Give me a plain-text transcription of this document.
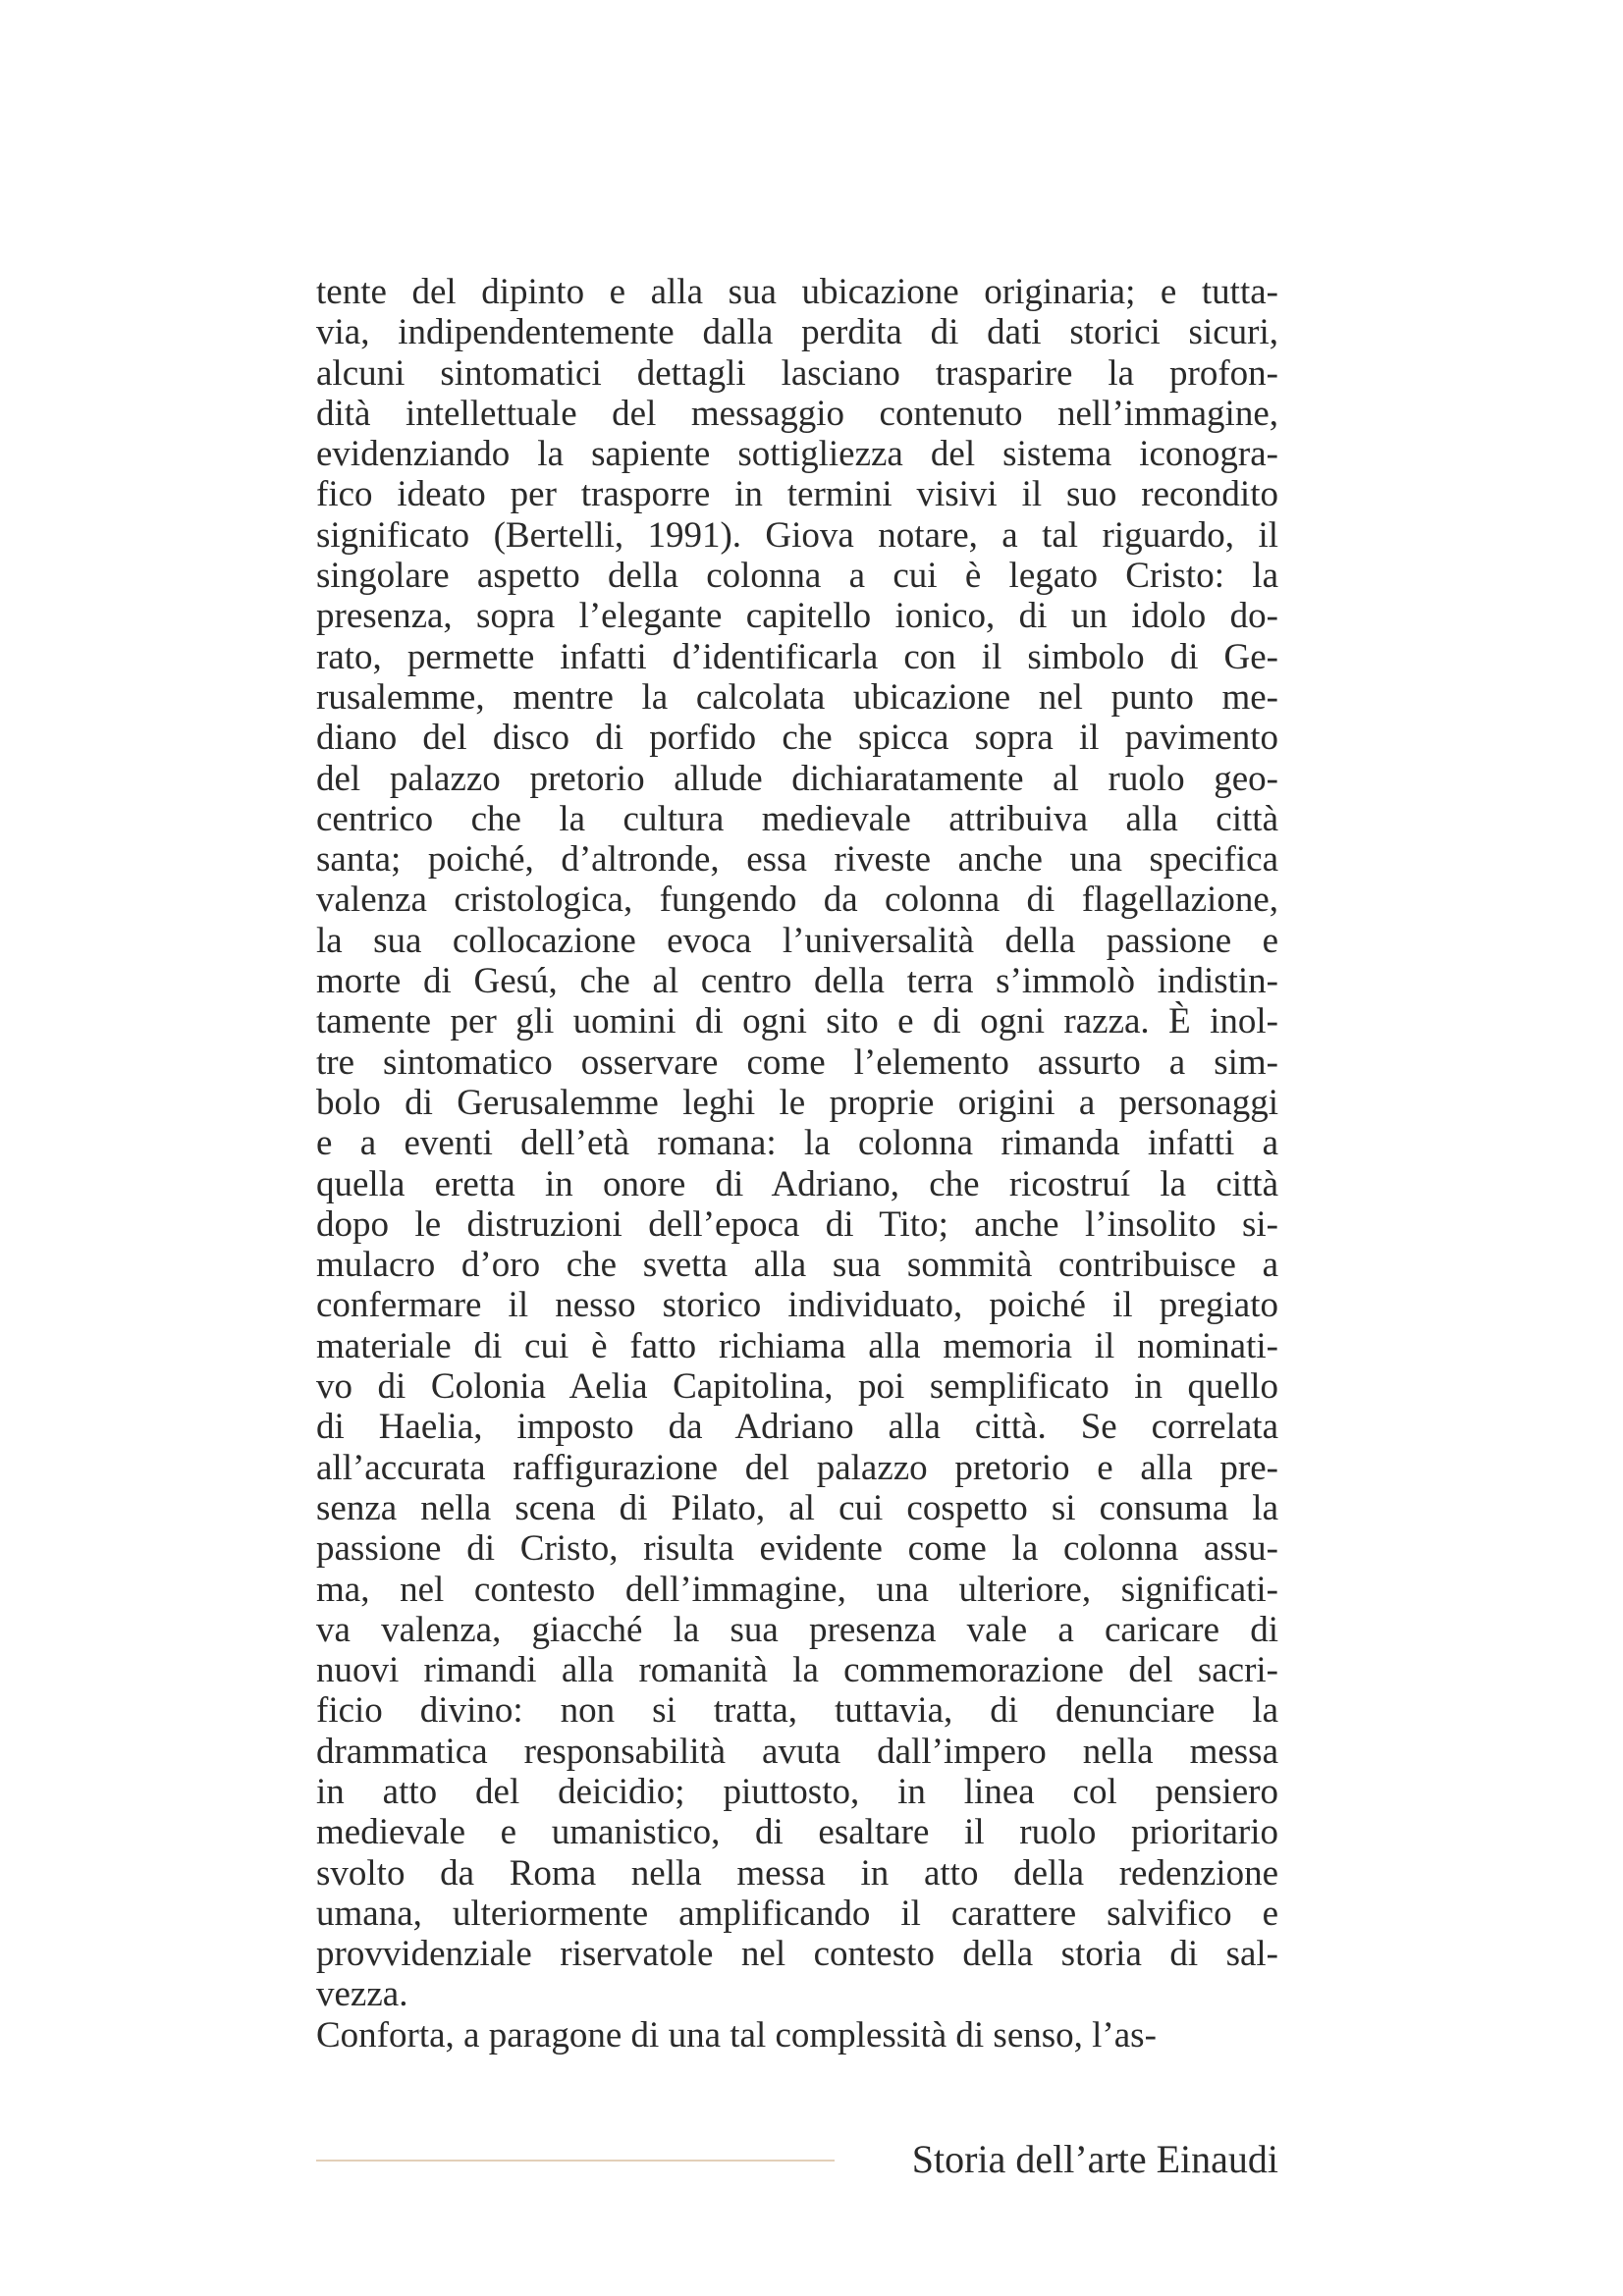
tente del dipinto e alla sua ubicazione originaria; e tutta-
via, indipendentemente dalla perdita di dati storici sicuri,
alcuni sintomatici dettagli lasciano trasparire la profon-
dità intellettuale del messaggio contenuto nell’immagine,
evidenziando la sapiente sottigliezza del sistema iconogra-
fico ideato per trasporre in termini visivi il suo recondito
significato (Bertelli, 1991). Giova notare, a tal riguardo, il
singolare aspetto della colonna a cui è legato Cristo: la
presenza, sopra l’elegante capitello ionico, di un idolo do-
rato, permette infatti d’identificarla con il simbolo di Ge-
rusalemme, mentre la calcolata ubicazione nel punto me-
diano del disco di porfido che spicca sopra il pavimento
del palazzo pretorio allude dichiaratamente al ruolo geo-
centrico che la cultura medievale attribuiva alla città
santa; poiché, d’altronde, essa riveste anche una specifica
valenza cristologica, fungendo da colonna di flagellazione,
la sua collocazione evoca l’universalità della passione e
morte di Gesú, che al centro della terra s’immolò indistin-
tamente per gli uomini di ogni sito e di ogni razza. È inol-
tre sintomatico osservare come l’elemento assurto a sim-
bolo di Gerusalemme leghi le proprie origini a personaggi
e a eventi dell’età romana: la colonna rimanda infatti a
quella eretta in onore di Adriano, che ricostruí la città
dopo le distruzioni dell’epoca di Tito; anche l’insolito si-
mulacro d’oro che svetta alla sua sommità contribuisce a
confermare il nesso storico individuato, poiché il pregiato
materiale di cui è fatto richiama alla memoria il nominati-
vo di Colonia Aelia Capitolina, poi semplificato in quello
di Haelia, imposto da Adriano alla città. Se correlata
all’accurata raffigurazione del palazzo pretorio e alla pre-
senza nella scena di Pilato, al cui cospetto si consuma la
passione di Cristo, risulta evidente come la colonna assu-
ma, nel contesto dell’immagine, una ulteriore, significati-
va valenza, giacché la sua presenza vale a caricare di
nuovi rimandi alla romanità la commemorazione del sacri-
ficio divino: non si tratta, tuttavia, di denunciare la
drammatica responsabilità avuta dall’impero nella messa
in atto del deicidio; piuttosto, in linea col pensiero
medievale e umanistico, di esaltare il ruolo prioritario
svolto da Roma nella messa in atto della redenzione
umana, ulteriormente amplificando il carattere salvifico e
provvidenziale riservatole nel contesto della storia di sal-
vezza.
Conforta, a paragone di una tal complessità di senso, l’as-
Storia dell’arte Einaudi
